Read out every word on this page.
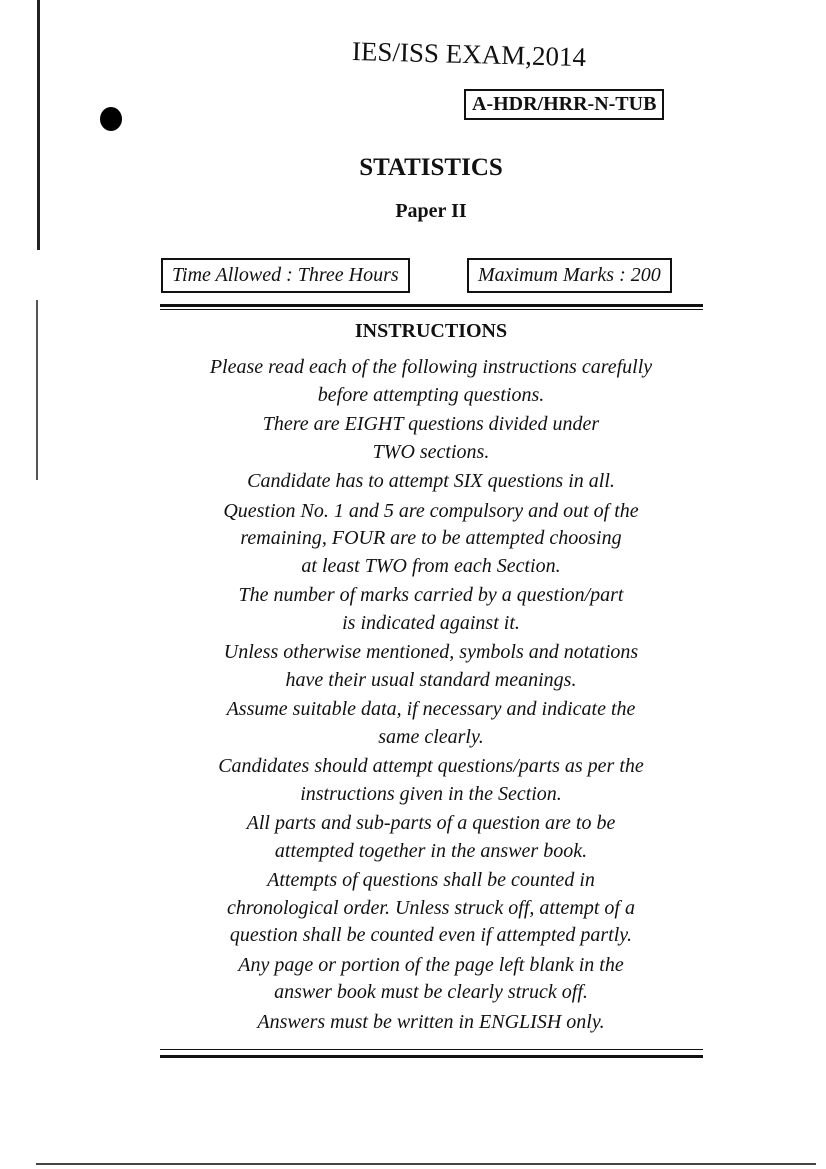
IES/ISS EXAM,2014
A-HDR/HRR-N-TUB
STATISTICS
Paper II
Time Allowed : Three Hours	Maximum Marks : 200
INSTRUCTIONS
Please read each of the following instructions carefully
before attempting questions.
There are EIGHT questions divided under
TWO sections.
Candidate has to attempt SIX questions in all.
Question No. 1 and 5 are compulsory and out of the
remaining, FOUR are to be attempted choosing
at least TWO from each Section.
The number of marks carried by a question/part
is indicated against it.
Unless otherwise mentioned, symbols and notations
have their usual standard meanings.
Assume suitable data, if necessary and indicate the
same clearly.
Candidates should attempt questions/parts as per the
instructions given in the Section.
All parts and sub-parts of a question are to be
attempted together in the answer book.
Attempts of questions shall be counted in
chronological order. Unless struck off, attempt of a
question shall be counted even if attempted partly.
Any page or portion of the page left blank in the
answer book must be clearly struck off.
Answers must be written in ENGLISH only.
